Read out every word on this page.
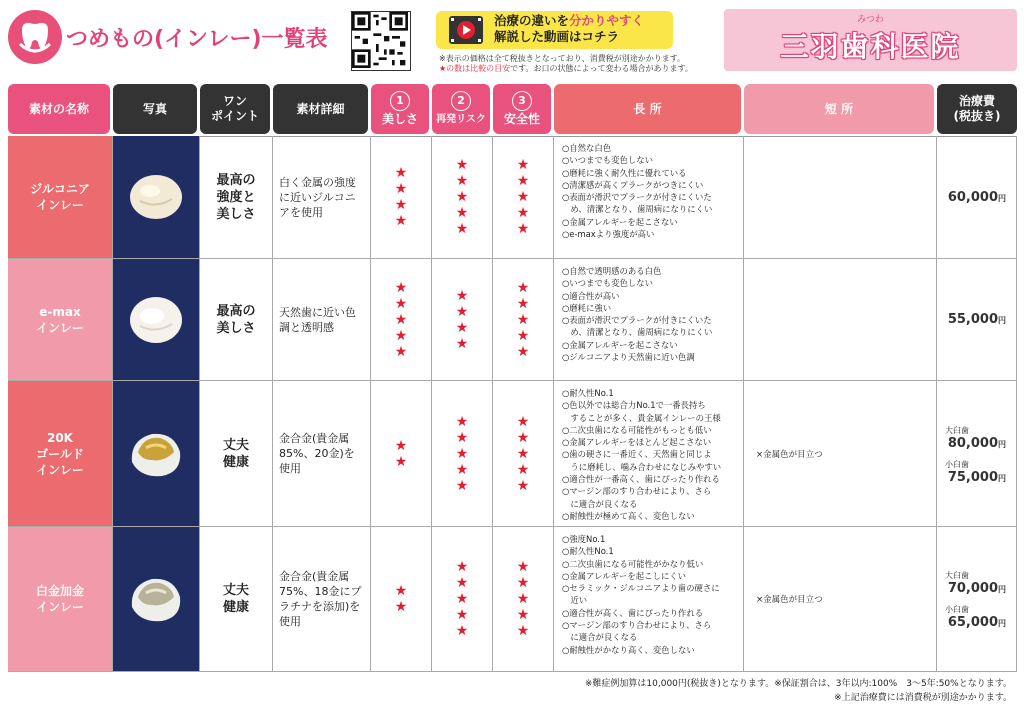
つめもの(インレー)一覧表
治療の違いを分かりやすく
解説した動画はコチラ
※表示の価格は全て税抜きとなっており、消費税が別途かかります。
★の数は比較の目安です。お口の状態によって変わる場合があります。
みつわ
三羽歯科医院
素材の名称	写真
ワン
ポイント
素材詳細
1
美しさ
2
再発リスク
3
安全性
長 所	短 所
治療費
(税抜き)
ジルコニア
インレー
最高の
強度と
美しさ
白く金属の強度に近いジルコニアを使用
★
★
★
★
★
★
★
★
★
★
★
★
★
★
○自然な白色
○いつまでも変色しない
○磨耗に強く耐久性に優れている
○清潔感が高くプラークがつきにくい
○表面が滑沢でプラークが付きにくいた
　め、清潔となり、歯周病になりにくい
○金属アレルギーを起こさない
○e-maxより強度が高い
60,000円
e-max
インレー
最高の
美しさ
天然歯に近い色調と透明感
★
★
★
★
★
★
★
★
★
★
★
★
★
★
○自然で透明感のある白色
○いつまでも変色しない
○適合性が高い
○磨耗に強い
○表面が滑沢でプラークが付きにくいた
　め、清潔となり、歯周病になりにくい
○金属アレルギーを起こさない
○ジルコニアより天然歯に近い色調
55,000円
20K
ゴールド
インレー
丈夫
健康
金合金(貴金属85%、20金)を使用
★
★
★
★
★
★
★
★
★
★
★
★
○耐久性No.1
○色以外では総合力No.1で一番長持ち
　することが多く、貴金属インレーの王様
○二次虫歯になる可能性がもっとも低い
○金属アレルギーをほとんど起こさない
○歯の硬さに一番近く、天然歯と同じよ
　うに磨耗し、噛み合わせになじみやすい
○適合性が一番高く、歯にぴったり作れる
○マージン部のすり合わせにより、さら
　に適合が良くなる
○耐蝕性が極めて高く、変色しない
×金属色が目立つ
大臼歯
80,000円
小臼歯
75,000円
白金加金
インレー
丈夫
健康
金合金(貴金属75%、18金にプラチナを添加)を使用
★
★
★
★
★
★
★
★
★
★
★
★
○強度No.1
○耐久性No.1
○二次虫歯になる可能性がかなり低い
○金属アレルギーを起こしにくい
○セラミック・ジルコニアより歯の硬さに
　近い
○適合性が高く、歯にぴったり作れる
○マージン部のすり合わせにより、さら
　に適合が良くなる
○耐蝕性がかなり高く、変色しない
×金属色が目立つ
大臼歯
70,000円
小臼歯
65,000円
※難症例加算は10,000円(税抜き)となります。※保証割合は、3年以内:100%　3〜5年:50%となります。
※上記治療費には消費税が別途かかります。
